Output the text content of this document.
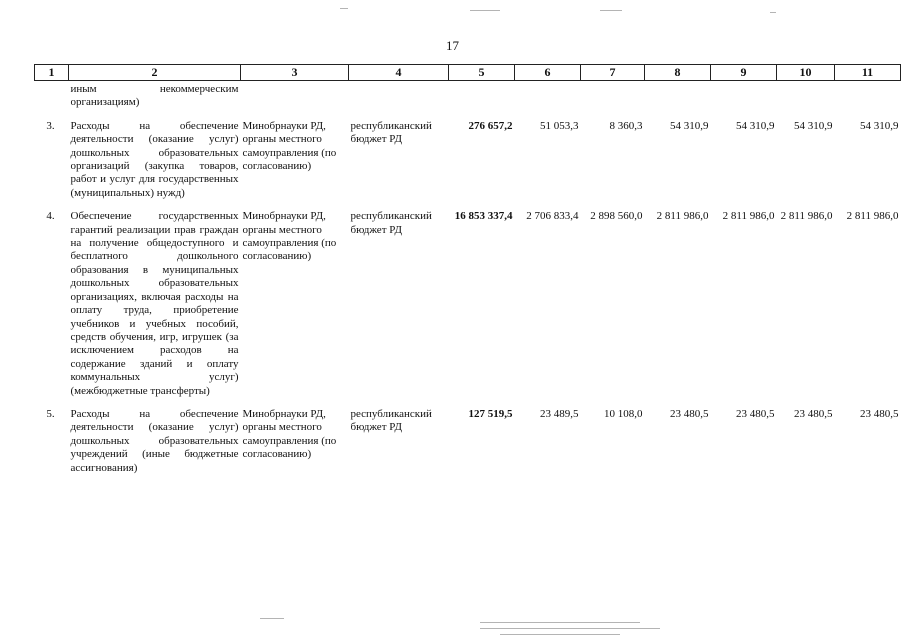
17
1	2	3	4	5	6	7	8	9	10	11
	иным некоммерческим организациям)									

3.	Расходы на обеспечение деятельности (оказание услуг) дошкольных образовательных организаций (закупка товаров, работ и услуг для государственных (муниципальных) нужд)	Минобрнауки РД, органы местного самоуправления (по согласованию)	республиканский бюджет РД	276 657,2	51 053,3	8 360,3	54 310,9	54 310,9	54 310,9	54 310,9

4.	Обеспечение государственных гарантий реализации прав граждан на получение общедоступного и бесплатного дошкольного образования в муниципальных дошкольных образовательных организациях, включая расходы на оплату труда, приобретение учебников и учебных пособий, средств обучения, игр, игрушек (за исключением расходов на содержание зданий и оплату коммунальных услуг) (межбюджетные трансферты)	Минобрнауки РД, органы местного самоуправления (по согласованию)	республиканский бюджет РД	16 853 337,4	2 706 833,4	2 898 560,0	2 811 986,0	2 811 986,0	2 811 986,0	2 811 986,0

5.	Расходы на обеспечение деятельности (оказание услуг) дошкольных образовательных учреждений (иные бюджетные ассигнования)	Минобрнауки РД, органы местного самоуправления (по согласованию)	республиканский бюджет РД	127 519,5	23 489,5	10 108,0	23 480,5	23 480,5	23 480,5	23 480,5
